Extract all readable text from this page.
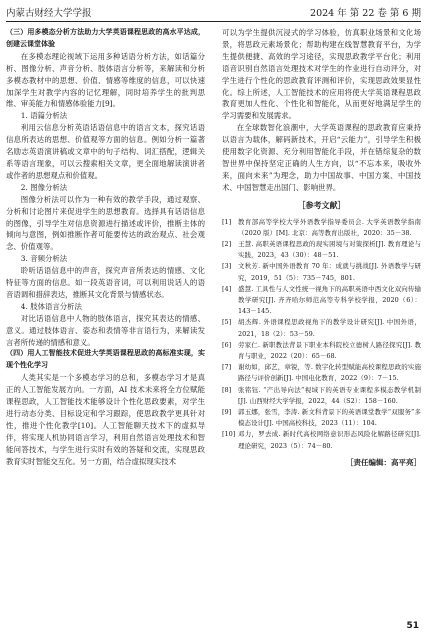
内蒙古财经大学学报	2024 年 第 22 卷 第 6 期

（三）用多模态分析方法助力大学英语课程思政的高水平达成，创建云课堂体验

在多模态理论视域下运用多种话语分析方法，如话篇分析、图像分析、声音分析、肢体语言分析等，来解读和分析多模态教材中的思想、价值、情感等维度的信息，可以快速加深学生对教学内容的记忆理解，同时培养学生的批判思维、审美能力和情感体验能力[9]。

1. 语篇分析法

利用云信息分析英语话语信息中的语言文本，探究话语信息所表达的思想、价值观等方面的信息。例如分析一篇著名励志英语演讲稿或文章中的句子结构、词汇搭配，逻辑关系等语言现象，可以云搜索相关文章，更全面地解读演讲者或作者的思想观点和价值观。

2. 图像分析法

图像分析法可以作为一种有效的教学手段，通过观察、分析和讨论图片来促进学生的思想教育。选择具有话语信息的图像，引导学生对信息资源进行描述或评价，推断主体的倾向与意图，例如推断作者可能要传达的政治观点、社会观念、价值观等。

3. 音频分析法

聆听话语信息中的声音，探究声音所表达的情感、文化特征等方面的信息。如一段英语音词，可以利用说话人的语音语调和措辞表达，推断其文化背景与情感状态。

4. 肢体语言分析法

对比话语信息中人物的肢体语言，探究其表达的情感、意义。通过肢体语言、姿态和表情等非言语行为，来解读发言者所传递的情感和意义。

（四）用人工智能技术促进大学英语课程思政的高标准实现，实现个性化学习

人类其实是一个多模态学习的总和，多模态学习才是真正的人工智能发展方向。一方面，AI 技术未来将全方位赋能课程思政，人工智能技术能够设计个性化思政要素，对学生进行动态分类、目标设定和学习跟踪，使思政教学更具针对性，推进个性化教学[10]。人工智能聊天技术下的虚拟导伴，将实现人机协同语言学习，利用自然语言处理技术和智能问答技术，与学生进行实时有效的答疑和交流，实现思政教育实时智能交互化。另一方面，结合虚拟现实技术

可以为学生提供沉浸式的学习体验，仿真职业场景和文化场景，将思政元素场景化；帮助构建在线智慧教育平台，为学生提供便捷、高效的学习途径，实现思政教学平台化；利用语音识别自然语言处理技术对学生的作业进行自动评分，对学生进行个性化的思政教育评测和评价，实现思政效果显性化。综上所述，人工智能技术的应用将使大学英语课程思政教育更加人性化、个性化和智能化，从而更好地满足学生的学习需要和发展需求。

在全球数智化浪潮中，大学英语课程的思政教育应秉持以语言为载体，解码新技术，开启“云能力”，引导学生积极使用数字化资源、充分利用智能化手段，并在错综复杂的数智世界中保持坚定正确的人生方向，以“不忘本来，吸收外来，面向未来”为理念，助力中国故事、中国方案、中国技术、中国智慧走出国门、影响世界。

［参考文献］
[1]	教育部高等学校大学外语教学指导委员会. 大学英语教学指南（2020 版）[M]. 北京：高等教育出版社，2020：35－38.
[2]	王慧. 高职英语课程思政的现实困境与对策探析[J]. 教育理论与实践，2023，43（30）：48－51.
[3]	文秋芳. 新中国外语教育 70 年：成就与挑战[J]. 外语教学与研究，2019，51（5）：735－745，801.
[4]	盛慧. 工具性与人文性统一视角下的高职英语中西文化双向传输教学研究[J]. 齐齐哈尔师范高等专科学校学报，2020（6）：143－145.
[5]	胡杰辉. 外语课程思政视角下的教学设计研究[J]. 中国外语，2021，18（2）：53－59.
[6]	劳家仁. 新职教法背景下职业本科院校立德树人路径探究[J]. 教育与职业，2022（20）：65－68.
[7]	谢幼如，邱艺，章锐，等. 数字化转型赋能高校课程思政的实施路径与评价创新[J]. 中国电化教育，2022（9）：7－15.
[8]	张铭钰. “产出导向法”视域下的英语专业课程多模态教学机制[J]. 山西财经大学学报，2022，44（S2）：158－160.
[9]	郭玉娜，张雪，李涛. 新文科背景下的英语课堂教学“双服务”多模态设计[J]. 中国高校科技，2023（11）：104.
[10] 邓力，罗去成. 新时代高校网络意识形态风险化解路径研究[J]. 理论研究，2023（5）：74－80.
［责任编辑：高平亮］
51
